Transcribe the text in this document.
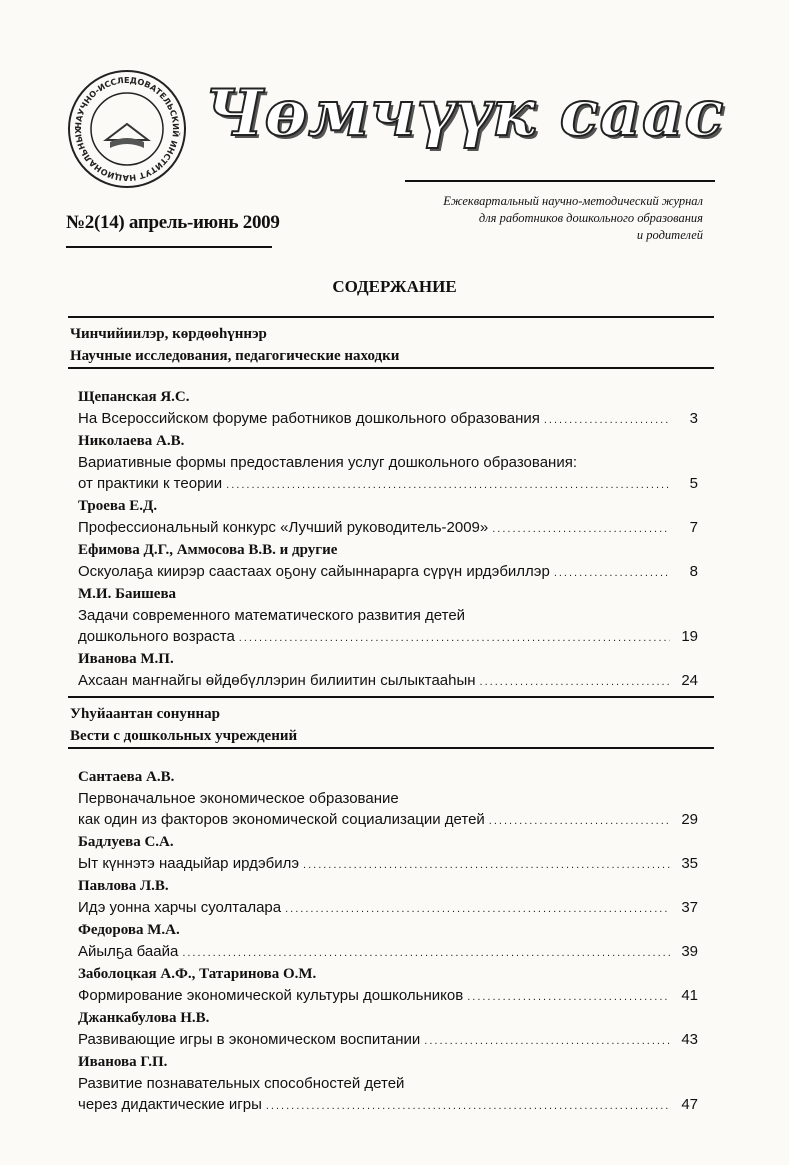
НАУЧНО-ИССЛЕДОВАТЕЛЬСКИЙ ИНСТИТУТ НАЦИОНАЛЬНЫХ	Чөмчүүк саас
Ежеквартальный научно-методический журнал
для работников дошкольного образования
и родителей
№2(14) апрель-июнь 2009
СОДЕРЖАНИЕ
Чинчийиилэр, көрдөөһүннэр
Научные исследования, педагогические находки
Щепанская Я.С.
На Всероссийском форуме работников дошкольного образования .....	3
Николаева А.В.
Вариативные формы предоставления услуг дошкольного образования:
от практики к теории .....	5
Троева Е.Д.
Профессиональный конкурс «Лучший руководитель-2009» .....	7
Ефимова Д.Г., Аммосова В.В. и другие
Оскуолаҕа киирэр саастаах оҕону сайыннарарга сүрүн ирдэбиллэр .....	8
М.И. Баишева
Задачи современного математического развития детей
дошкольного возраста .....	19
Иванова М.П.
Ахсаан маҥнайгы өйдөбүллэрин билиитин сылыктааһын .....	24
Уһуйаантан сонуннар
Вести с дошкольных учреждений
Сантаева А.В.
Первоначальное экономическое образование
как один из факторов экономической социализации детей .....	29
Бадлуева С.А.
Ыт күннэтэ наадыйар ирдэбилэ .....	35
Павлова Л.В.
Идэ уонна харчы суолталара .....	37
Федорова М.А.
Айылҕа баайа .....	39
Заболоцкая А.Ф., Татаринова О.М.
Формирование экономической культуры дошкольников .....	41
Джанкабулова Н.В.
Развивающие игры в экономическом воспитании .....	43
Иванова Г.П.
Развитие познавательных способностей детей
через дидактические игры .....	47
